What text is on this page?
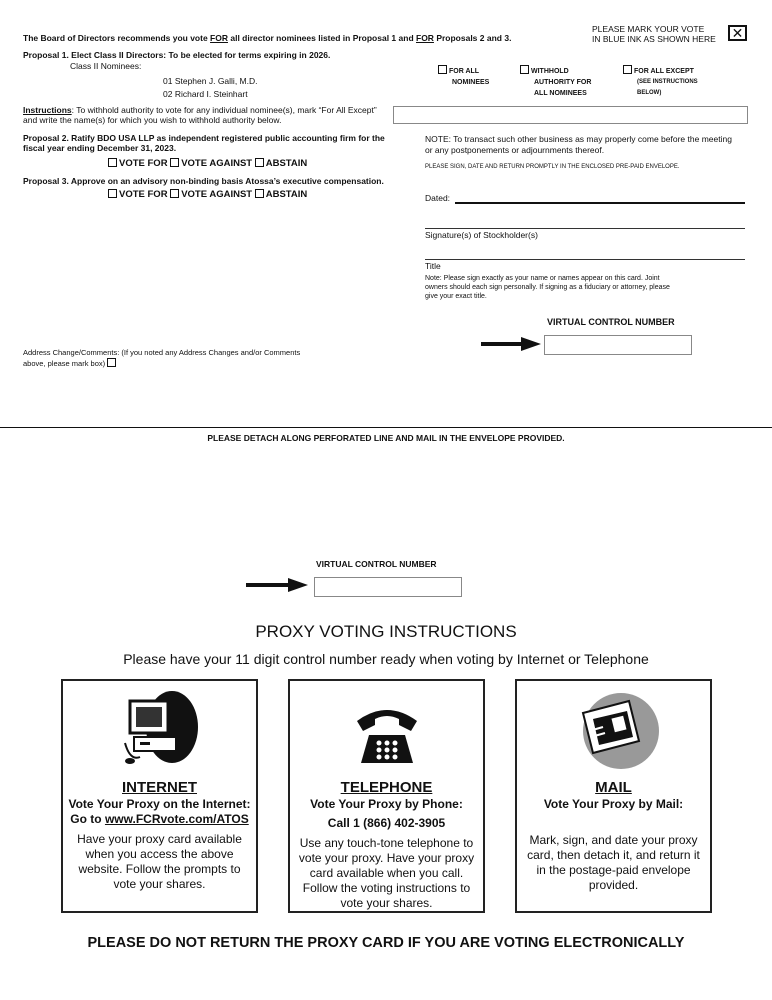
The Board of Directors recommends you vote FOR all director nominees listed in Proposal 1 and FOR Proposals 2 and 3.
PLEASE MARK YOUR VOTE
IN BLUE INK AS SHOWN HERE ✕
Proposal 1. Elect Class II Directors: To be elected for terms expiring in 2026.
Class II Nominees:
01 Stephen J. Galli, M.D.
02 Richard I. Steinhart
FOR ALL
NOMINEES
WITHHOLD
AUTHORITY FOR
ALL NOMINEES
FOR ALL EXCEPT
(SEE INSTRUCTIONS
BELOW)
Instructions: To withhold authority to vote for any individual nominee(s), mark “For All Except”
and write the name(s) for which you wish to withhold authority below.
Proposal 2. Ratify BDO USA LLP as independent registered public accounting firm for the
fiscal year ending December 31, 2023.
VOTE FOR VOTE AGAINST ABSTAIN
Proposal 3. Approve on an advisory non-binding basis Atossa’s executive compensation.
VOTE FOR VOTE AGAINST ABSTAIN
NOTE: To transact such other business as may properly come before the meeting
or any postponements or adjournments thereof.
PLEASE SIGN, DATE AND RETURN PROMPTLY IN THE ENCLOSED PRE-PAID ENVELOPE.
Dated:
Signature(s) of Stockholder(s)
Title
Note: Please sign exactly as your name or names appear on this card. Joint
owners should each sign personally. If signing as a fiduciary or attorney, please
give your exact title.
VIRTUAL CONTROL NUMBER
Address Change/Comments: (If you noted any Address Changes and/or Comments
above, please mark box)
PLEASE DETACH ALONG PERFORATED LINE AND MAIL IN THE ENVELOPE PROVIDED.
VIRTUAL CONTROL NUMBER
PROXY VOTING INSTRUCTIONS
Please have your 11 digit control number ready when voting by Internet or Telephone
INTERNET
Vote Your Proxy on the Internet:
Go to www.FCRvote.com/ATOS
Have your proxy card available when you access the above website. Follow the prompts to vote your shares.
TELEPHONE
Vote Your Proxy by Phone:
Call 1 (866) 402-3905
Use any touch-tone telephone to vote your proxy. Have your proxy card available when you call. Follow the voting instructions to vote your shares.
MAIL
Vote Your Proxy by Mail:
Mark, sign, and date your proxy card, then detach it, and return it in the postage-paid envelope provided.
PLEASE DO NOT RETURN THE PROXY CARD IF YOU ARE VOTING ELECTRONICALLY
